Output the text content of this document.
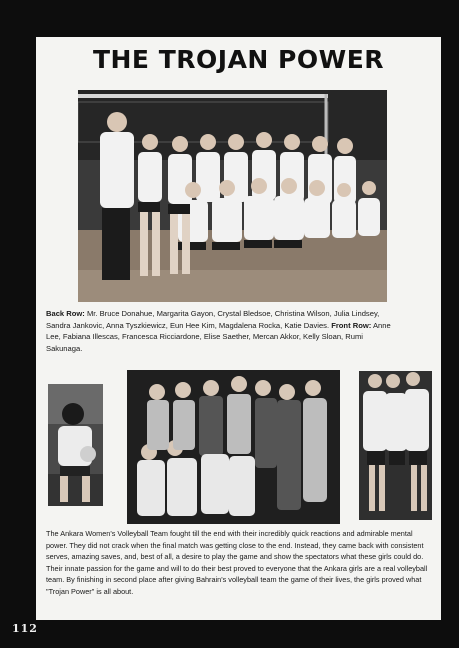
THE TROJAN POWER
Back Row: Mr. Bruce Donahue, Margarita Gayon, Crystal Bledsoe, Christina Wilson, Julia Lindsey, Sandra Jankovic, Anna Tyszkiewicz, Eun Hee Kim, Magdalena Rocka, Katie Davies. Front Row: Anne Lee, Fabiana Illescas, Francesca Ricciardone, Elise Saether, Mercan Akkor, Kelly Sloan, Rumi Sakunaga.

The Ankara Women's Volleyball Team fought till the end with their incredibly quick reactions and admirable mental power. They did not crack when the final match was getting close to the end. Instead, they came back with consistent serves, amazing saves, and, best of all, a desire to play the game and show the spectators what these girls could do. Their innate passion for the game and will to do their best proved to everyone that the Ankara girls are a real volleyball team. By finishing in second place after giving Bahrain's volleyball team the game of their lives, the girls proved what "Trojan Power" is all about.

112
